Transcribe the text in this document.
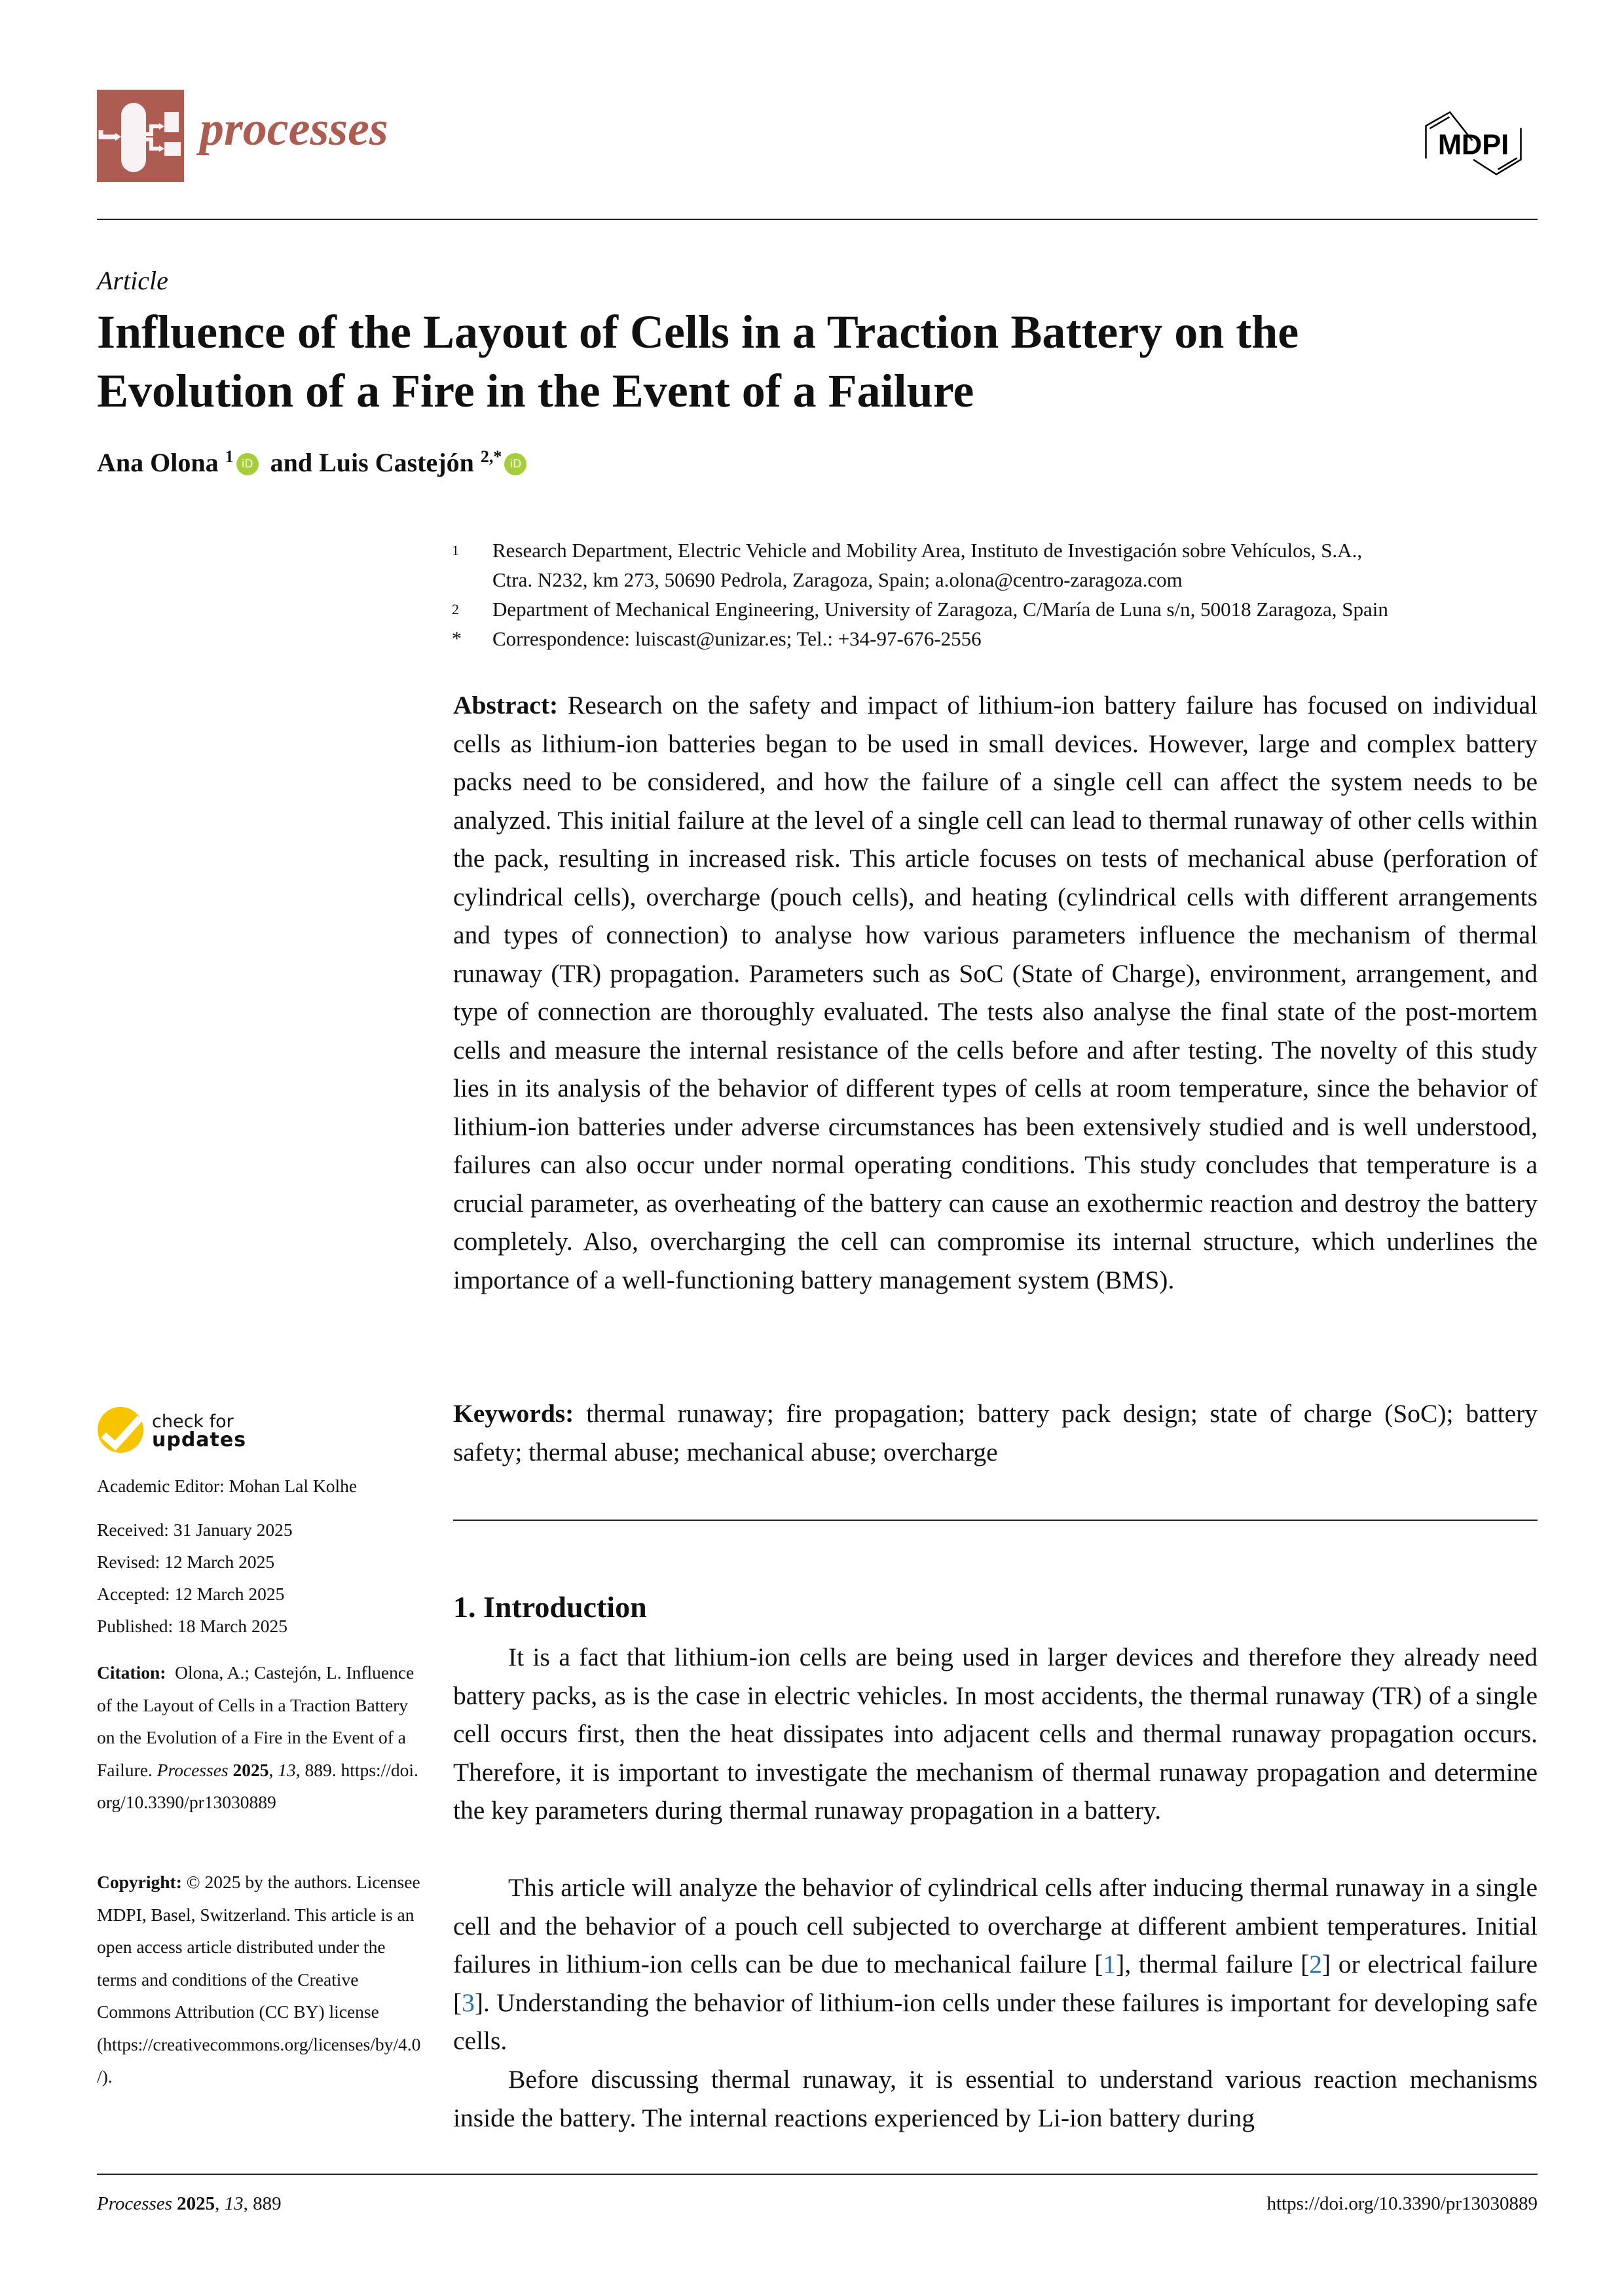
processes	MDPI
Article
Influence of the Layout of Cells in a Traction Battery on the
Evolution of a Fire in the Event of a Failure
Ana Olona $^1$ iD and Luis Castejón $^{2,*}$ iD
1 Research Department, Electric Vehicle and Mobility Area, Instituto de Investigación sobre Vehículos, S.A.,
Ctra. N232, km 273, 50690 Pedrola, Zaragoza, Spain; a.olona@centro-zaragoza.com
2 Department of Mechanical Engineering, University of Zaragoza, C/María de Luna s/n, 50018 Zaragoza, Spain
* Correspondence: luiscast@unizar.es; Tel.: +34-97-676-2556
Abstract: Research on the safety and impact of lithium-ion battery failure has focused on individual cells as lithium-ion batteries began to be used in small devices. However, large and complex battery packs need to be considered, and how the failure of a single cell can affect the system needs to be analyzed. This initial failure at the level of a single cell can lead to thermal runaway of other cells within the pack, resulting in increased risk. This article focuses on tests of mechanical abuse (perforation of cylindrical cells), overcharge (pouch cells), and heating (cylindrical cells with different arrangements and types of connection) to analyse how various parameters influence the mechanism of thermal runaway (TR) propagation. Parameters such as SoC (State of Charge), environment, arrangement, and type of connection are thoroughly evaluated. The tests also analyse the final state of the post-mortem cells and measure the internal resistance of the cells before and after testing. The novelty of this study lies in its analysis of the behavior of different types of cells at room temperature, since the behavior of lithium-ion batteries under adverse circumstances has been extensively studied and is well understood, failures can also occur under normal operating conditions. This study concludes that temperature is a crucial parameter, as overheating of the battery can cause an exothermic reaction and destroy the battery completely. Also, overcharging the cell can compromise its internal structure, which underlines the importance of a well-functioning battery management system (BMS).
Keywords: thermal runaway; fire propagation; battery pack design; state of charge (SoC); battery safety; thermal abuse; mechanical abuse; overcharge
1. Introduction
It is a fact that lithium-ion cells are being used in larger devices and therefore they already need battery packs, as is the case in electric vehicles. In most accidents, the thermal runaway (TR) of a single cell occurs first, then the heat dissipates into adjacent cells and thermal runaway propagation occurs. Therefore, it is important to investigate the mechanism of thermal runaway propagation and determine the key parameters during thermal runaway propagation in a battery.
This article will analyze the behavior of cylindrical cells after inducing thermal runaway in a single cell and the behavior of a pouch cell subjected to overcharge at different ambient temperatures. Initial failures in lithium-ion cells can be due to mechanical failure [1], thermal failure [2] or electrical failure [3]. Understanding the behavior of lithium-ion cells under these failures is important for developing safe cells.
Before discussing thermal runaway, it is essential to understand various reaction mechanisms inside the battery. The internal reactions experienced by Li-ion battery during
check for
updates
Academic Editor: Mohan Lal Kolhe
Received: 31 January 2025
Revised: 12 March 2025
Accepted: 12 March 2025
Published: 18 March 2025
Citation: Olona, A.; Castejón, L. Influence of the Layout of Cells in a Traction Battery on the Evolution of a Fire in the Event of a Failure. Processes 2025, 13, 889. https://doi.org/10.3390/pr13030889
Copyright: © 2025 by the authors. Licensee MDPI, Basel, Switzerland. This article is an open access article distributed under the terms and conditions of the Creative Commons Attribution (CC BY) license (https://creativecommons.org/licenses/by/4.0/).
Processes 2025, 13, 889	https://doi.org/10.3390/pr13030889
